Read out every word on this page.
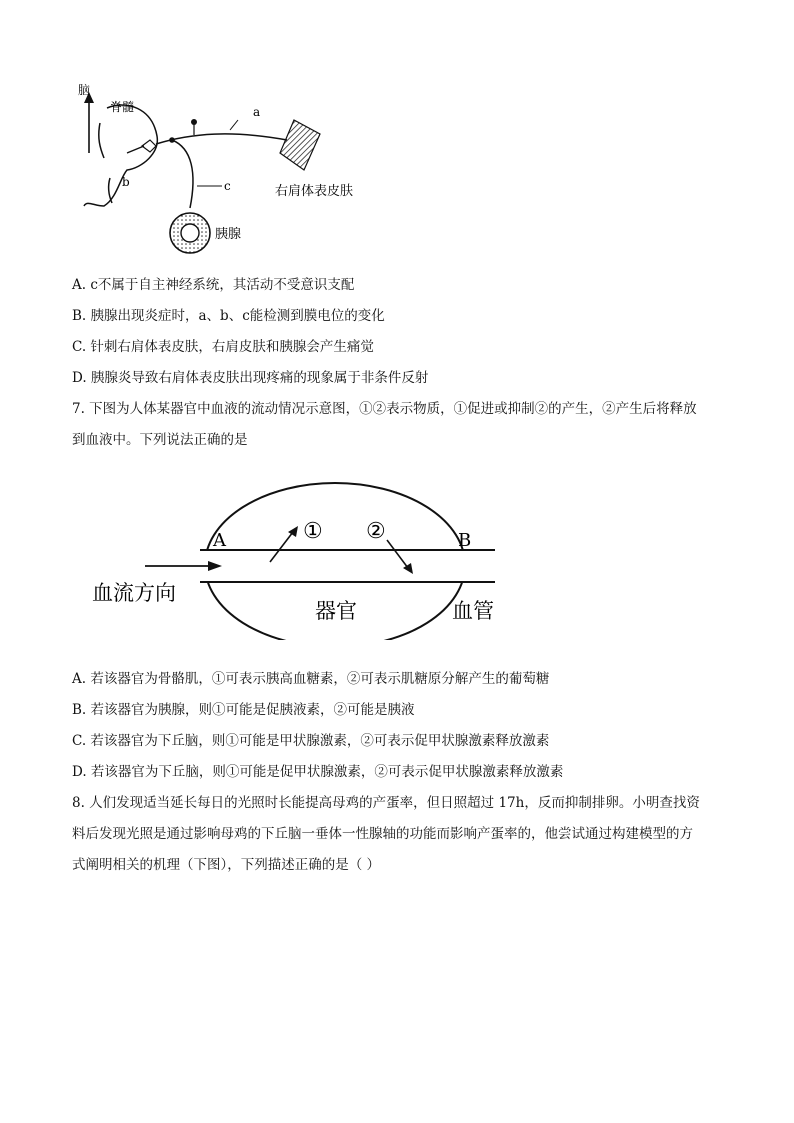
脑
脊髓
b
a
右肩体表皮肤
c
胰腺
A. c不属于自主神经系统，其活动不受意识支配
B. 胰腺出现炎症时，a、b、c能检测到膜电位的变化
C. 针刺右肩体表皮肤，右肩皮肤和胰腺会产生痛觉
D. 胰腺炎导致右肩体表皮肤出现疼痛的现象属于非条件反射
7. 下图为人体某器官中血液的流动情况示意图，①②表示物质，①促进或抑制②的产生，②产生后将释放
到血液中。下列说法正确的是
A	B
① ②
血流方向
器官	血管
A. 若该器官为骨骼肌，①可表示胰高血糖素，②可表示肌糖原分解产生的葡萄糖
B. 若该器官为胰腺，则①可能是促胰液素，②可能是胰液
C. 若该器官为下丘脑，则①可能是甲状腺激素，②可表示促甲状腺激素释放激素
D. 若该器官为下丘脑，则①可能是促甲状腺激素，②可表示促甲状腺激素释放激素
8. 人们发现适当延长每日的光照时长能提高母鸡的产蛋率，但日照超过 17h，反而抑制排卵。小明查找资
料后发现光照是通过影响母鸡的下丘脑一垂体一性腺轴的功能而影响产蛋率的，他尝试通过构建模型的方
式阐明相关的机理（下图），下列描述正确的是（ ）
